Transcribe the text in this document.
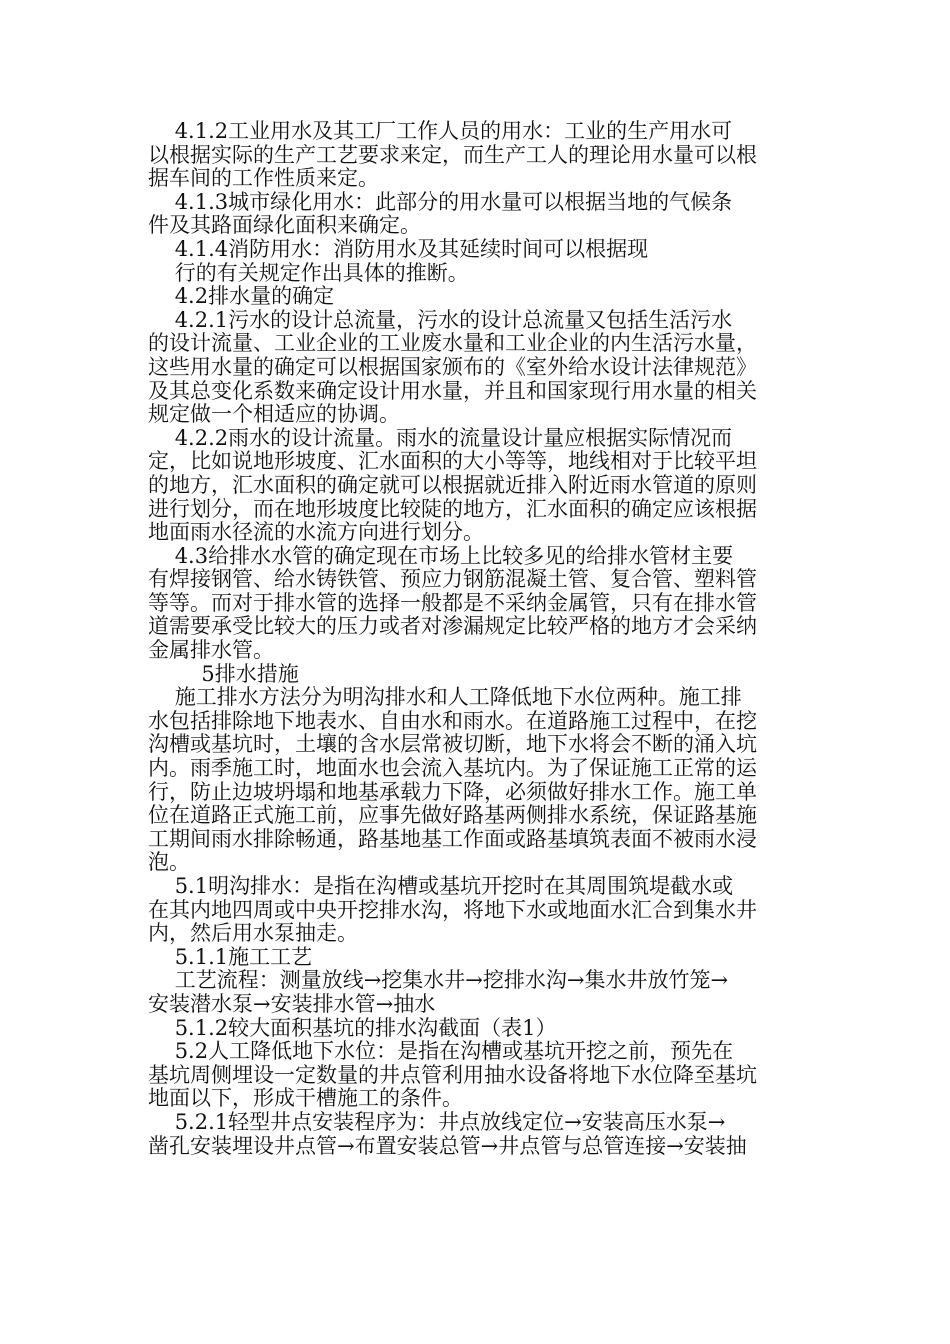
4.1.2工业用水及其工厂工作人员的用水：工业的生产用水可
以根据实际的生产工艺要求来定，而生产工人的理论用水量可以根
据车间的工作性质来定。
4.1.3城市绿化用水：此部分的用水量可以根据当地的气候条
件及其路面绿化面积来确定。
4.1.4消防用水：消防用水及其延续时间可以根据现
行的有关规定作出具体的推断。
4.2排水量的确定
4.2.1污水的设计总流量，污水的设计总流量又包括生活污水
的设计流量、工业企业的工业废水量和工业企业的内生活污水量，
这些用水量的确定可以根据国家颁布的《室外给水设计法律规范》
及其总变化系数来确定设计用水量，并且和国家现行用水量的相关
规定做一个相适应的协调。
4.2.2雨水的设计流量。雨水的流量设计量应根据实际情况而
定，比如说地形坡度、汇水面积的大小等等，地线相对于比较平坦
的地方，汇水面积的确定就可以根据就近排入附近雨水管道的原则
进行划分，而在地形坡度比较陡的地方，汇水面积的确定应该根据
地面雨水径流的水流方向进行划分。
4.3给排水水管的确定现在市场上比较多见的给排水管材主要
有焊接钢管、给水铸铁管、预应力钢筋混凝土管、复合管、塑料管
等等。而对于排水管的选择一般都是不采纳金属管，只有在排水管
道需要承受比较大的压力或者对渗漏规定比较严格的地方才会采纳
金属排水管。
5排水措施
施工排水方法分为明沟排水和人工降低地下水位两种。施工排
水包括排除地下地表水、自由水和雨水。在道路施工过程中，在挖
沟槽或基坑时，土壤的含水层常被切断，地下水将会不断的涌入坑
内。雨季施工时，地面水也会流入基坑内。为了保证施工正常的运
行，防止边坡坍塌和地基承载力下降，必须做好排水工作。施工单
位在道路正式施工前，应事先做好路基两侧排水系统，保证路基施
工期间雨水排除畅通，路基地基工作面或路基填筑表面不被雨水浸
泡。
5.1明沟排水：是指在沟槽或基坑开挖时在其周围筑堤截水或
在其内地四周或中央开挖排水沟，将地下水或地面水汇合到集水井
内，然后用水泵抽走。
5.1.1施工工艺
工艺流程：测量放线→挖集水井→挖排水沟→集水井放竹笼→
安装潜水泵→安装排水管→抽水
5.1.2较大面积基坑的排水沟截面（表1）
5.2人工降低地下水位：是指在沟槽或基坑开挖之前，预先在
基坑周侧埋设一定数量的井点管利用抽水设备将地下水位降至基坑
地面以下，形成干槽施工的条件。
5.2.1轻型井点安装程序为：井点放线定位→安装高压水泵→
凿孔安装埋设井点管→布置安装总管→井点管与总管连接→安装抽
